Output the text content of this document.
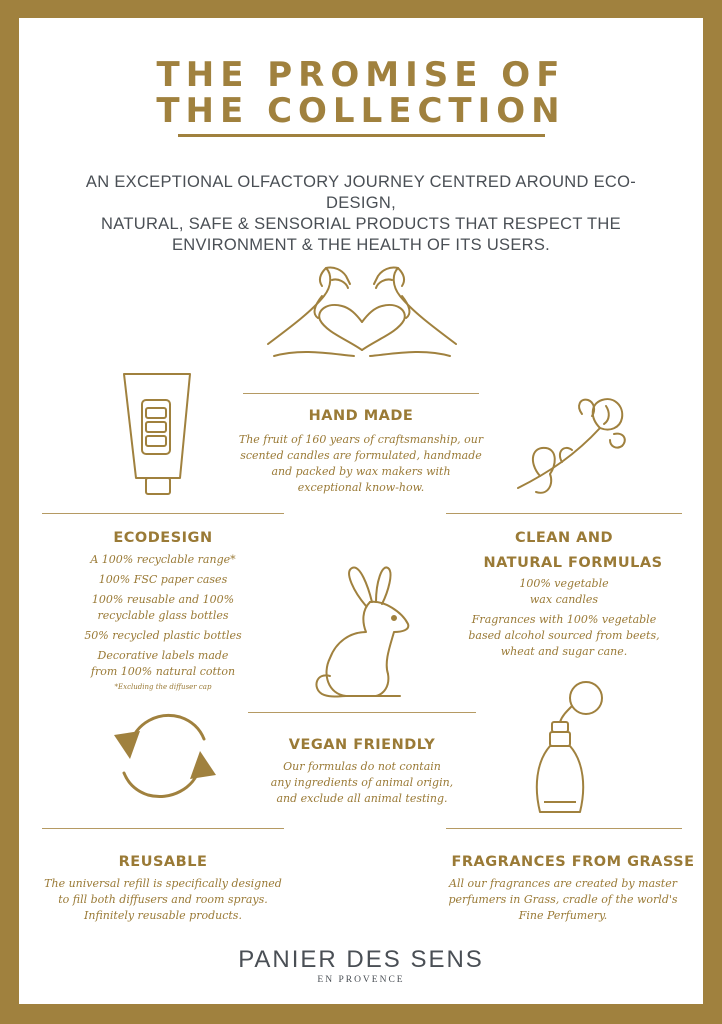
THE PROMISE OF
THE COLLECTION
AN EXCEPTIONAL OLFACTORY JOURNEY CENTRED AROUND ECO-DESIGN,
NATURAL, SAFE & SENSORIAL PRODUCTS THAT RESPECT THE
ENVIRONMENT & THE HEALTH OF ITS USERS.
HAND MADE
The fruit of 160 years of craftsmanship, our
scented candles are formulated, handmade
and packed by wax makers with
exceptional know-how.
ECODESIGN

A 100% recyclable range*

100% FSC paper cases

100% reusable and 100%

recyclable glass bottles

50% recycled plastic bottles

Decorative labels made
from 100% natural cotton
*Excluding the diffuser cap
CLEAN AND
NATURAL FORMULAS
100% vegetable

wax candles

Fragrances with 100% vegetable
based alcohol sourced from beets,
wheat and sugar cane.
VEGAN FRIENDLY
Our formulas do not contain
any ingredients of animal origin,
and exclude all animal testing.
REUSABLE
The universal refill is specifically designed
to fill both diffusers and room sprays.
Infinitely reusable products.
FRAGRANCES FROM GRASSE
All our fragrances are created by master
perfumers in Grass, cradle of the world's
Fine Perfumery.
PANIER DES SENS
EN PROVENCE
